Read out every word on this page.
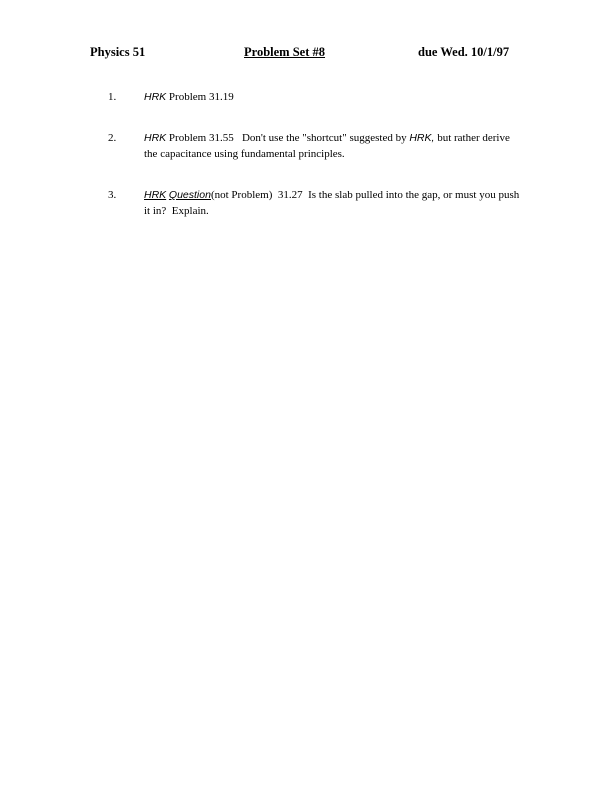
Physics 51	Problem Set #8	due Wed. 10/1/97
1.	HRK Problem 31.19
2.	HRK Problem 31.55   Don't use the "shortcut" suggested by HRK, but rather derive the capacitance using fundamental principles.
3.	HRK Question(not Problem)  31.27  Is the slab pulled into the gap, or must you push it in?  Explain.
